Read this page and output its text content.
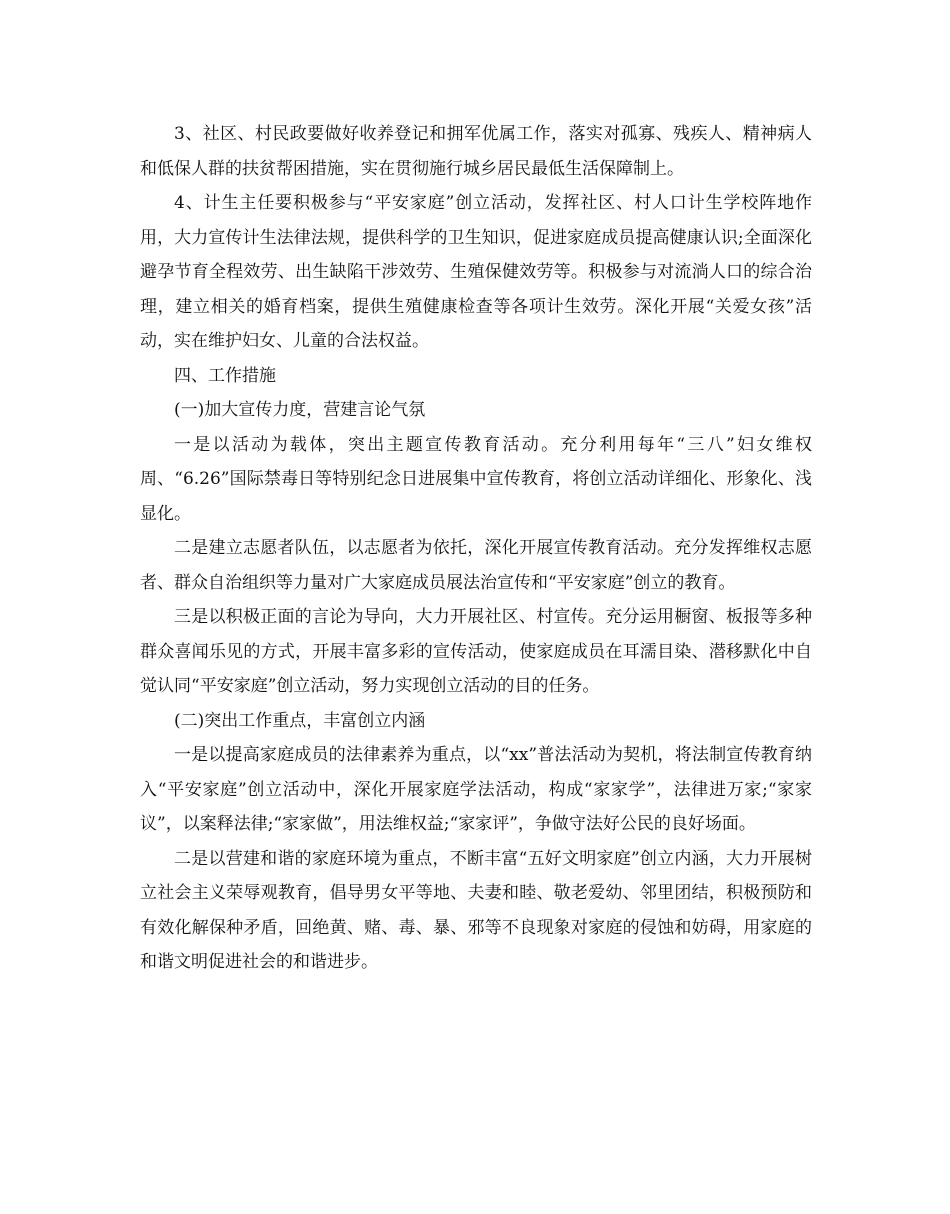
3、社区、村民政要做好收养登记和拥军优属工作，落实对孤寡、残疾人、精神病人和低保人群的扶贫帮困措施，实在贯彻施行城乡居民最低生活保障制上。

4、计生主任要积极参与“平安家庭”创立活动，发挥社区、村人口计生学校阵地作用，大力宣传计生法律法规，提供科学的卫生知识，促进家庭成员提高健康认识;全面深化避孕节育全程效劳、出生缺陷干涉效劳、生殖保健效劳等。积极参与对流淌人口的综合治理，建立相关的婚育档案，提供生殖健康检查等各项计生效劳。深化开展“关爱女孩”活动，实在维护妇女、儿童的合法权益。

四、工作措施

(一)加大宣传力度，营建言论气氛

一是以活动为载体，突出主题宣传教育活动。充分利用每年“三八”妇女维权周、“6.26”国际禁毒日等特别纪念日进展集中宣传教育，将创立活动详细化、形象化、浅显化。

二是建立志愿者队伍，以志愿者为依托，深化开展宣传教育活动。充分发挥维权志愿者、群众自治组织等力量对广大家庭成员展法治宣传和“平安家庭”创立的教育。

三是以积极正面的言论为导向，大力开展社区、村宣传。充分运用橱窗、板报等多种群众喜闻乐见的方式，开展丰富多彩的宣传活动，使家庭成员在耳濡目染、潜移默化中自觉认同“平安家庭”创立活动，努力实现创立活动的目的任务。

(二)突出工作重点，丰富创立内涵

一是以提高家庭成员的法律素养为重点，以“xx”普法活动为契机，将法制宣传教育纳入“平安家庭”创立活动中，深化开展家庭学法活动，构成“家家学”，法律进万家;“家家议”，以案释法律;“家家做”，用法维权益;“家家评”，争做守法好公民的良好场面。

二是以营建和谐的家庭环境为重点，不断丰富“五好文明家庭”创立内涵，大力开展树立社会主义荣辱观教育，倡导男女平等地、夫妻和睦、敬老爱幼、邻里团结，积极预防和有效化解保种矛盾，回绝黄、赌、毒、暴、邪等不良现象对家庭的侵蚀和妨碍，用家庭的和谐文明促进社会的和谐进步。
